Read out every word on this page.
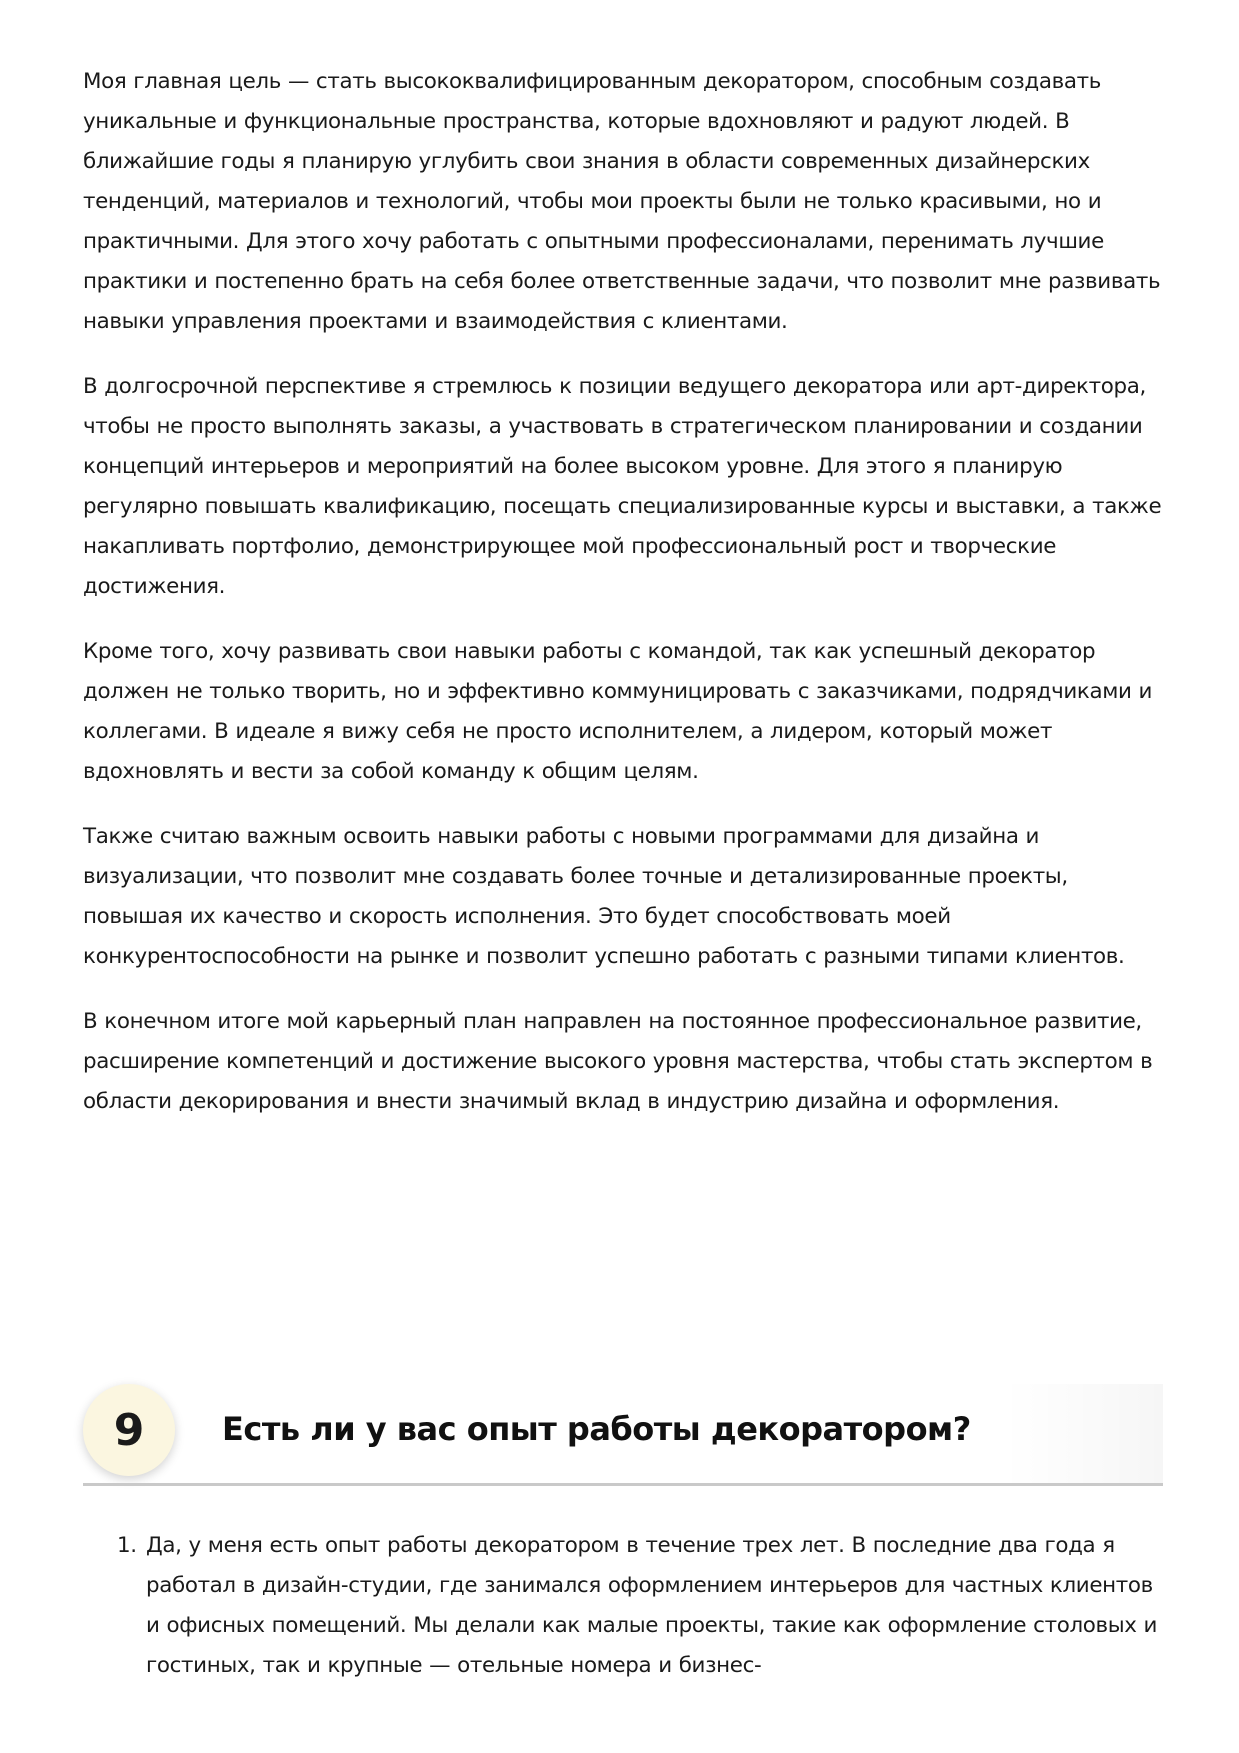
Моя главная цель — стать высококвалифицированным декоратором, способным создавать уникальные и функциональные пространства, которые вдохновляют и радуют людей. В ближайшие годы я планирую углубить свои знания в области современных дизайнерских тенденций, материалов и технологий, чтобы мои проекты были не только красивыми, но и практичными. Для этого хочу работать с опытными профессионалами, перенимать лучшие практики и постепенно брать на себя более ответственные задачи, что позволит мне развивать навыки управления проектами и взаимодействия с клиентами.

В долгосрочной перспективе я стремлюсь к позиции ведущего декоратора или арт-директора, чтобы не просто выполнять заказы, а участвовать в стратегическом планировании и создании концепций интерьеров и мероприятий на более высоком уровне. Для этого я планирую регулярно повышать квалификацию, посещать специализированные курсы и выставки, а также накапливать портфолио, демонстрирующее мой профессиональный рост и творческие достижения.

Кроме того, хочу развивать свои навыки работы с командой, так как успешный декоратор должен не только творить, но и эффективно коммуницировать с заказчиками, подрядчиками и коллегами. В идеале я вижу себя не просто исполнителем, а лидером, который может вдохновлять и вести за собой команду к общим целям.

Также считаю важным освоить навыки работы с новыми программами для дизайна и визуализации, что позволит мне создавать более точные и детализированные проекты, повышая их качество и скорость исполнения. Это будет способствовать моей конкурентоспособности на рынке и позволит успешно работать с разными типами клиентов.

В конечном итоге мой карьерный план направлен на постоянное профессиональное развитие, расширение компетенций и достижение высокого уровня мастерства, чтобы стать экспертом в области декорирования и внести значимый вклад в индустрию дизайна и оформления.

9	Есть ли у вас опыт работы декоратором?
1. Да, у меня есть опыт работы декоратором в течение трех лет. В последние два года я работал в дизайн-студии, где занимался оформлением интерьеров для частных клиентов и офисных помещений. Мы делали как малые проекты, такие как оформление столовых и гостиных, так и крупные — отельные номера и бизнес-
